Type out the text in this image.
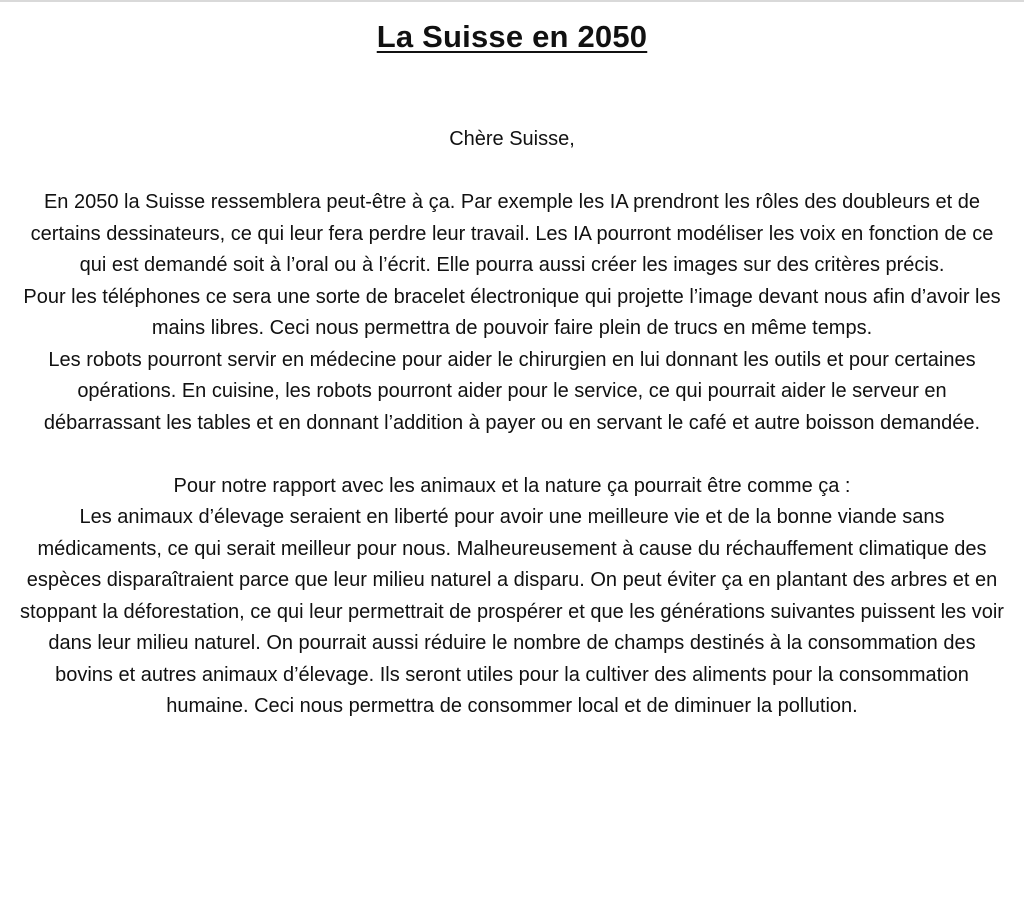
La Suisse en 2050

Chère Suisse,

En 2050 la Suisse ressemblera peut-être à ça. Par exemple les IA prendront les rôles des doubleurs et de certains dessinateurs, ce qui leur fera perdre leur travail. Les IA pourront modéliser les voix en fonction de ce qui est demandé soit à l’oral ou à l’écrit. Elle pourra aussi créer les images sur des critères précis.

Pour les téléphones ce sera une sorte de bracelet électronique qui projette l’image devant nous afin d’avoir les mains libres. Ceci nous permettra de pouvoir faire plein de trucs en même temps.

Les robots pourront servir en médecine pour aider le chirurgien en lui donnant les outils et pour certaines opérations. En cuisine, les robots pourront aider pour le service, ce qui pourrait aider le serveur en débarrassant les tables et en donnant l’addition à payer ou en servant le café et autre boisson demandée.

Pour notre rapport avec les animaux et la nature ça pourrait être comme ça :

Les animaux d’élevage seraient en liberté pour avoir une meilleure vie et de la bonne viande sans médicaments, ce qui serait meilleur pour nous. Malheureusement à cause du réchauffement climatique des espèces disparaîtraient parce que leur milieu naturel a disparu. On peut éviter ça en plantant des arbres et en stoppant la déforestation, ce qui leur permettrait de prospérer et que les générations suivantes puissent les voir dans leur milieu naturel. On pourrait aussi réduire le nombre de champs destinés à la consommation des bovins et autres animaux d’élevage. Ils seront utiles pour la cultiver des aliments pour la consommation humaine. Ceci nous permettra de consommer local et de diminuer la pollution.
